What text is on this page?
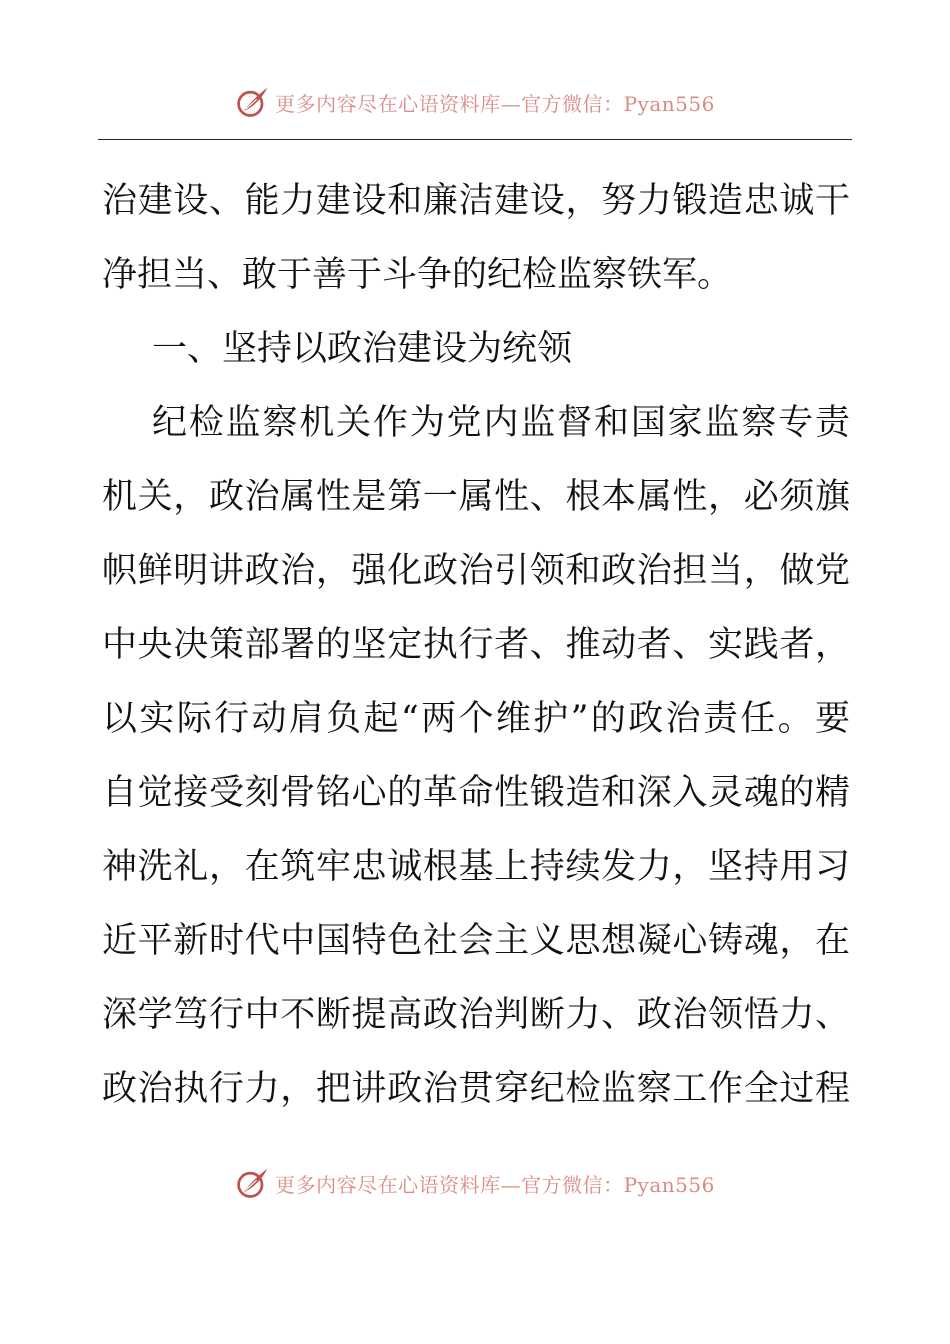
更多内容尽在心语资料库—官方微信：Pyan556
治建设、能力建设和廉洁建设，努力锻造忠诚干
净担当、敢于善于斗争的纪检监察铁军。
一、坚持以政治建设为统领
纪检监察机关作为党内监督和国家监察专责
机关，政治属性是第一属性、根本属性，必须旗
帜鲜明讲政治，强化政治引领和政治担当，做党
中央决策部署的坚定执行者、推动者、实践者，
以实际行动肩负起“两个维护”的政治责任。要
自觉接受刻骨铭心的革命性锻造和深入灵魂的精
神洗礼，在筑牢忠诚根基上持续发力，坚持用习
近平新时代中国特色社会主义思想凝心铸魂，在
深学笃行中不断提高政治判断力、政治领悟力、
政治执行力，把讲政治贯穿纪检监察工作全过程
更多内容尽在心语资料库—官方微信：Pyan556
